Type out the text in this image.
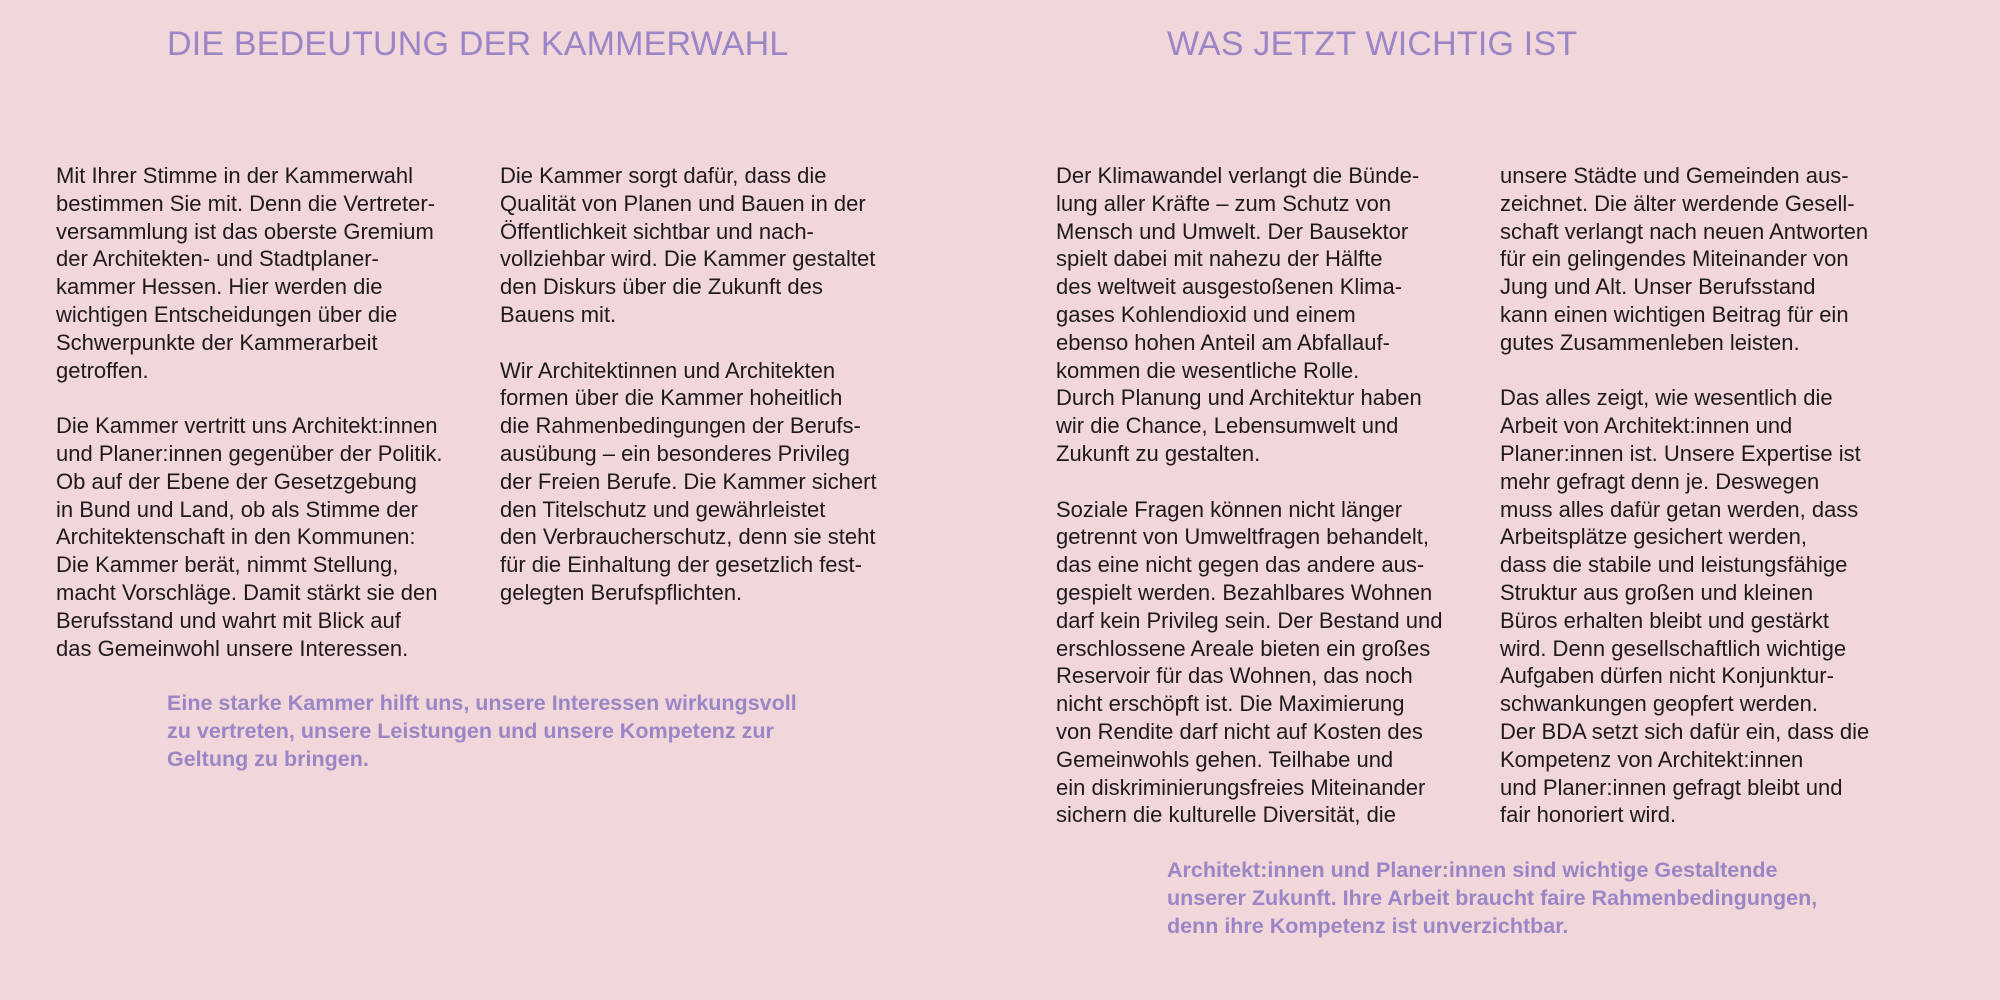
DIE BEDEUTUNG DER KAMMERWAHL

Mit Ihrer Stimme in der Kammerwahl
bestimmen Sie mit. Denn die Vertreter-
versammlung ist das oberste Gremium
der Architekten- und Stadtplaner-
kammer Hessen. Hier werden die
wichtigen Entscheidungen über die
Schwerpunkte der Kammerarbeit
getroffen.

Die Kammer vertritt uns Architekt:innen
und Planer:innen gegenüber der Politik.
Ob auf der Ebene der Gesetzgebung
in Bund und Land, ob als Stimme der
Architektenschaft in den Kommunen:
Die Kammer berät, nimmt Stellung,
macht Vorschläge. Damit stärkt sie den
Berufsstand und wahrt mit Blick auf
das Gemeinwohl unsere Interessen.

Die Kammer sorgt dafür, dass die
Qualität von Planen und Bauen in der
Öffentlichkeit sichtbar und nach-
vollziehbar wird. Die Kammer gestaltet
den Diskurs über die Zukunft des
Bauens mit.

Wir Architektinnen und Architekten
formen über die Kammer hoheitlich
die Rahmenbedingungen der Berufs-
ausübung – ein besonderes Privileg
der Freien Berufe. Die Kammer sichert
den Titelschutz und gewährleistet
den Verbraucherschutz, denn sie steht
für die Einhaltung der gesetzlich fest-
gelegten Berufspflichten.

Eine starke Kammer hilft uns, unsere Interessen wirkungsvoll
zu vertreten, unsere Leistungen und unsere Kompetenz zur
Geltung zu bringen.

WAS JETZT WICHTIG IST

Der Klimawandel verlangt die Bünde-
lung aller Kräfte – zum Schutz von
Mensch und Umwelt. Der Bausektor
spielt dabei mit nahezu der Hälfte
des weltweit ausgestoßenen Klima-
gases Kohlendioxid und einem
ebenso hohen Anteil am Abfallauf-
kommen die wesentliche Rolle.
Durch Planung und Architektur haben
wir die Chance, Lebensumwelt und
Zukunft zu gestalten.

Soziale Fragen können nicht länger
getrennt von Umweltfragen behandelt,
das eine nicht gegen das andere aus-
gespielt werden. Bezahlbares Wohnen
darf kein Privileg sein. Der Bestand und
erschlossene Areale bieten ein großes
Reservoir für das Wohnen, das noch
nicht erschöpft ist. Die Maximierung
von Rendite darf nicht auf Kosten des
Gemeinwohls gehen. Teilhabe und
ein diskriminierungsfreies Miteinander
sichern die kulturelle Diversität, die

unsere Städte und Gemeinden aus-
zeichnet. Die älter werdende Gesell-
schaft verlangt nach neuen Antworten
für ein gelingendes Miteinander von
Jung und Alt. Unser Berufsstand
kann einen wichtigen Beitrag für ein
gutes Zusammenleben leisten.

Das alles zeigt, wie wesentlich die
Arbeit von Architekt:innen und
Planer:innen ist. Unsere Expertise ist
mehr gefragt denn je. Deswegen
muss alles dafür getan werden, dass
Arbeitsplätze gesichert werden,
dass die stabile und leistungsfähige
Struktur aus großen und kleinen
Büros erhalten bleibt und gestärkt
wird. Denn gesellschaftlich wichtige
Aufgaben dürfen nicht Konjunktur-
schwankungen geopfert werden.
Der BDA setzt sich dafür ein, dass die
Kompetenz von Architekt:innen
und Planer:innen gefragt bleibt und
fair honoriert wird.

Architekt:innen und Planer:innen sind wichtige Gestaltende
unserer Zukunft. Ihre Arbeit braucht faire Rahmenbedingungen,
denn ihre Kompetenz ist unverzichtbar.
